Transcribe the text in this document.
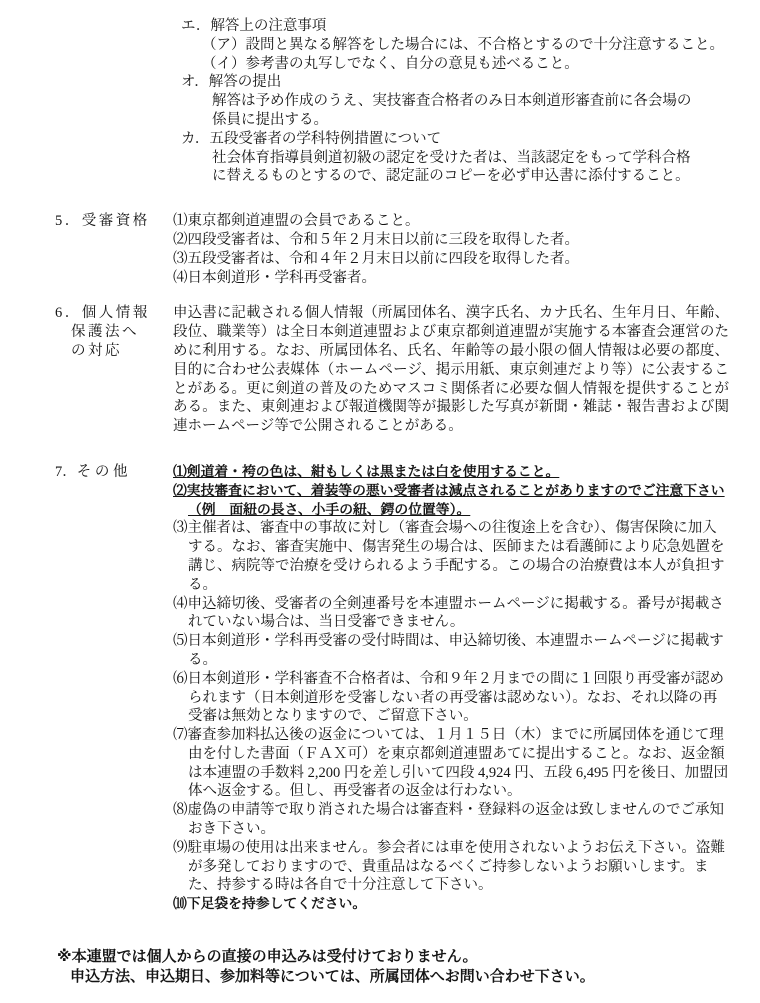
エ．解答上の注意事項
（ア）設問と異なる解答をした場合には、不合格とするので十分注意すること。
（イ）参考書の丸写しでなく、自分の意見も述べること。
オ．解答の提出
解答は予め作成のうえ、実技審査合格者のみ日本剣道形審査前に各会場の係員に提出する。
カ．五段受審者の学科特例措置について
社会体育指導員剣道初級の認定を受けた者は、当該認定をもって学科合格に替えるものとするので、認定証のコピーを必ず申込書に添付すること。
5．受審資格	⑴東京都剣道連盟の会員であること。
⑵四段受審者は、令和５年２月末日以前に三段を取得した者。
⑶五段受審者は、令和４年２月末日以前に四段を取得した者。
⑷日本剣道形・学科再受審者。
6．個人情報
保護法へ
の対応

申込書に記載される個人情報（所属団体名、漢字氏名、カナ氏名、生年月日、年齢、段位、職業等）は全日本剣道連盟および東京都剣道連盟が実施する本審査会運営のために利用する。なお、所属団体名、氏名、年齢等の最小限の個人情報は必要の都度、目的に合わせ公表媒体（ホームページ、掲示用紙、東京剣連だより等）に公表することがある。更に剣道の普及のためマスコミ関係者に必要な個人情報を提供することがある。また、東剣連および報道機関等が撮影した写真が新聞・雑誌・報告書および関連ホームページ等で公開されることがある。

7．そ の 他	⑴剣道着・袴の色は、紺もしくは黒または白を使用すること。
⑵実技審査において、着装等の悪い受審者は減点されることがありますのでご注意下さい（例　面紐の長さ、小手の紐、鍔の位置等）。
⑶主催者は、審査中の事故に対し（審査会場への往復途上を含む）、傷害保険に加入する。なお、審査実施中、傷害発生の場合は、医師または看護師により応急処置を講じ、病院等で治療を受けられるよう手配する。この場合の治療費は本人が負担する。
⑷申込締切後、受審者の全剣連番号を本連盟ホームページに掲載する。番号が掲載されていない場合は、当日受審できません。
⑸日本剣道形・学科再受審の受付時間は、申込締切後、本連盟ホームページに掲載する。
⑹日本剣道形・学科審査不合格者は、令和９年２月までの間に１回限り再受審が認められます（日本剣道形を受審しない者の再受審は認めない）。なお、それ以降の再受審は無効となりますので、ご留意下さい。
⑺審査参加料払込後の返金については、１月１５日（木）までに所属団体を通じて理由を付した書面（ＦＡＸ可）を東京都剣道連盟あてに提出すること。なお、返金額は本連盟の手数料 2,200 円を差し引いて四段 4,924 円、五段 6,495 円を後日、加盟団体へ返金する。但し、再受審者の返金は行わない。
⑻虚偽の申請等で取り消された場合は審査料・登録料の返金は致しませんのでご承知おき下さい。
⑼駐車場の使用は出来ません。参会者には車を使用されないようお伝え下さい。盗難が多発しておりますので、貴重品はなるべくご持参しないようお願いします。また、持参する時は各自で十分注意して下さい。
⑽下足袋を持参してください。
※本連盟では個人からの直接の申込みは受付けておりません。
申込方法、申込期日、参加料等については、所属団体へお問い合わせ下さい。
